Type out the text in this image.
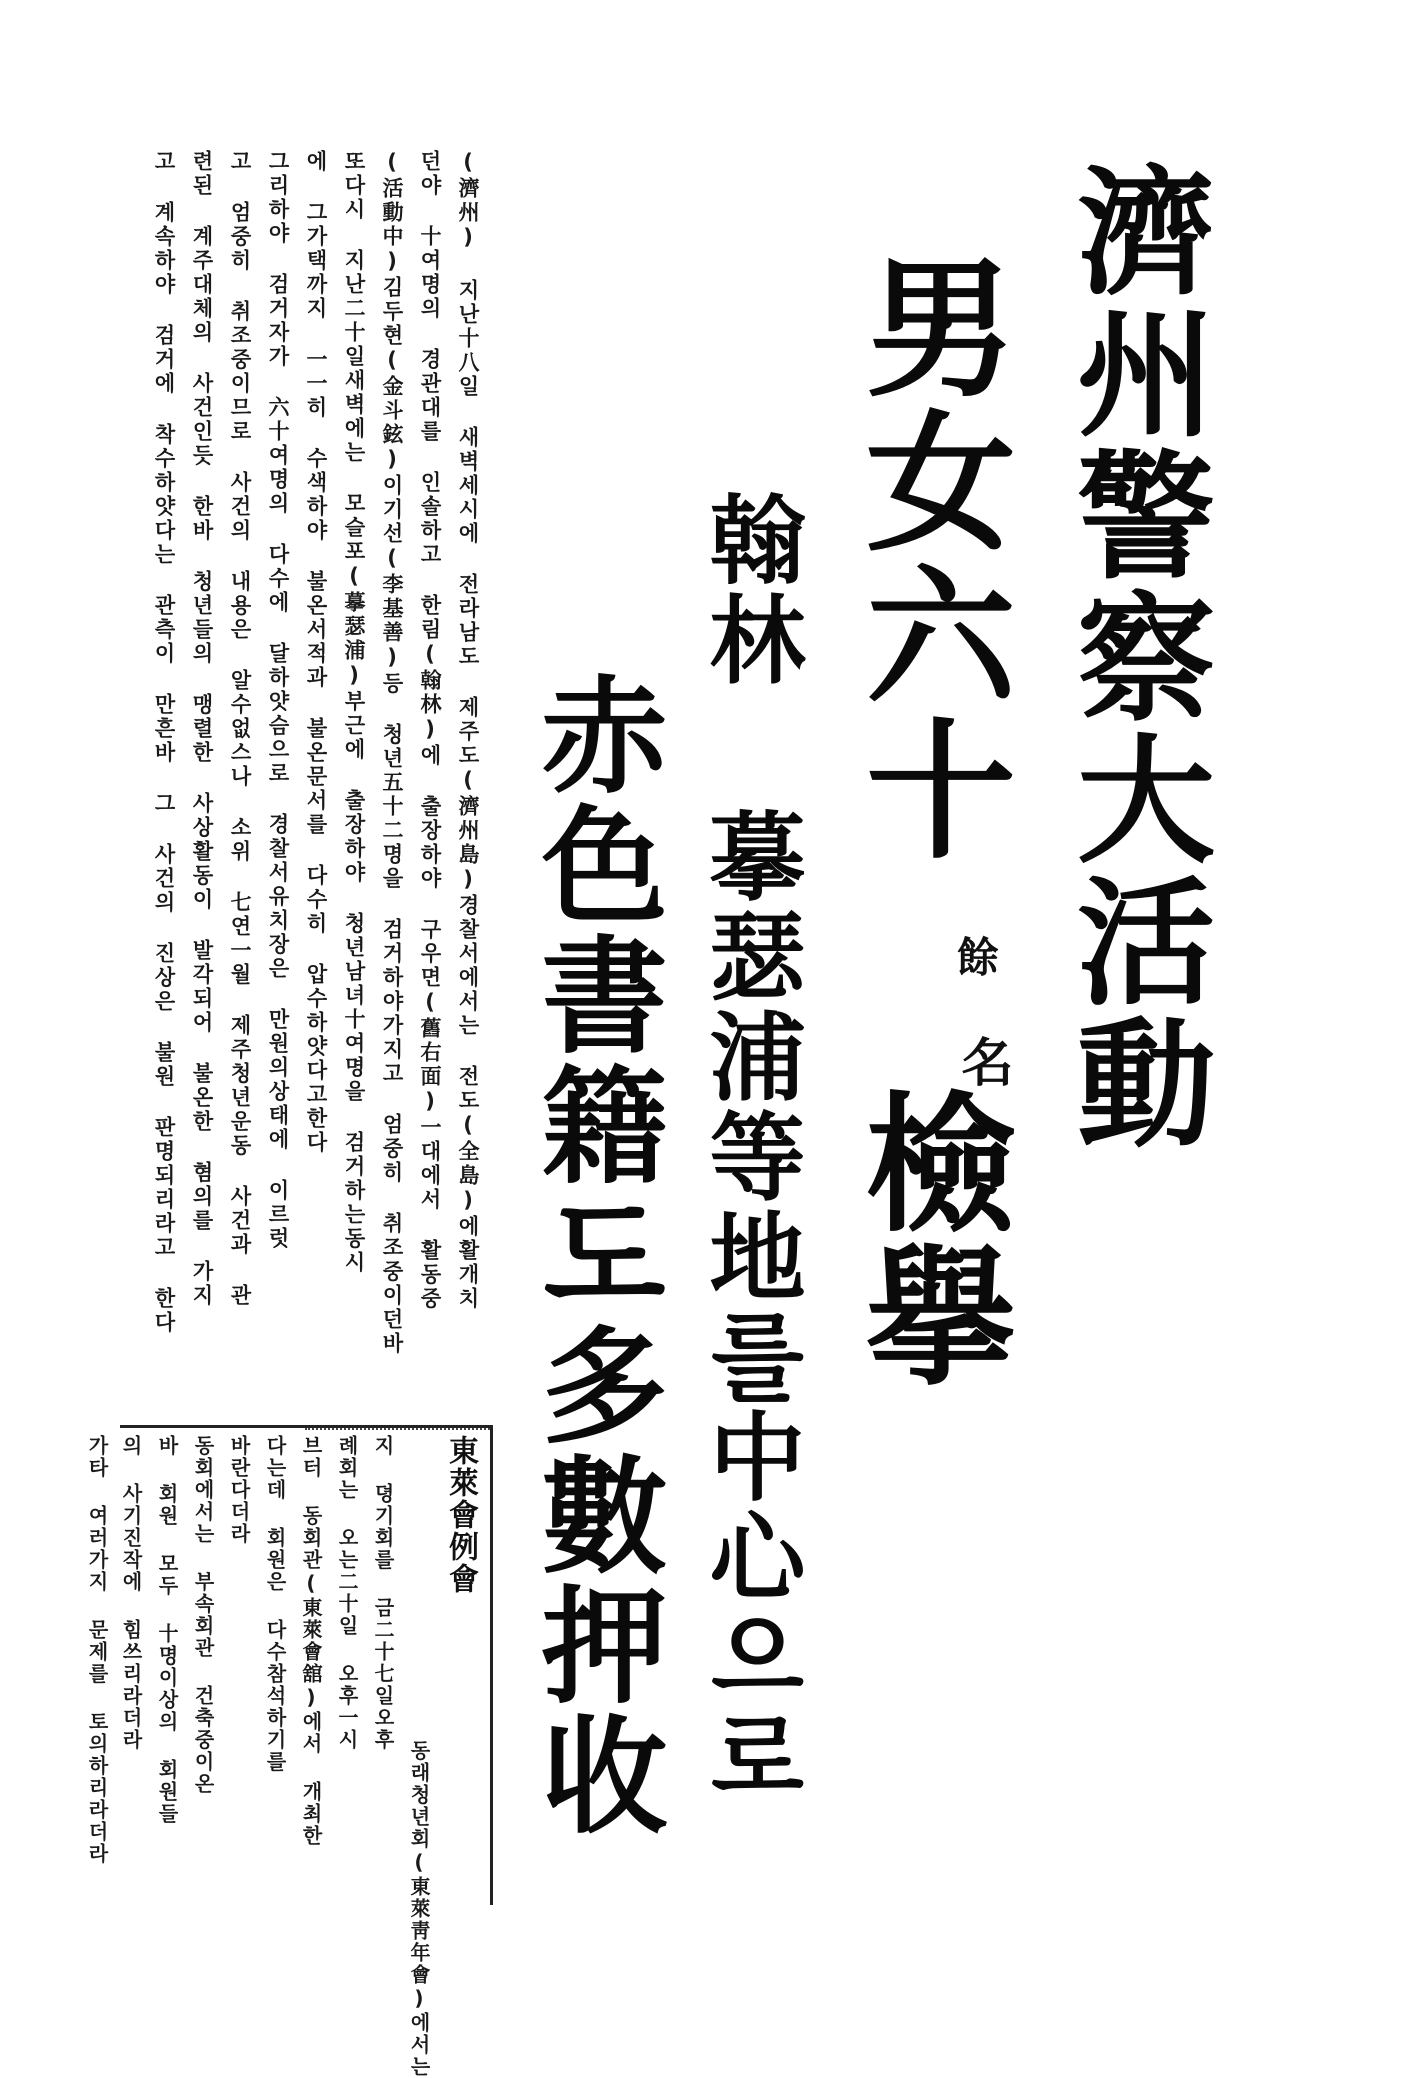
濟州警察大活動
男女六十
餘
名
檢擧
翰林 摹瑟浦等地를中心으로
赤色書籍도多數押收
(濟州) 지난十八일 새벽세시에 전라남도 제주도(濟州島)경찰서에서는 전도(全島)에활개치
던야 十여명의 경관대를 인솔하고 한림(翰林)에 출장하야 구우면(舊右面)一대에서 활동중
(活動中)김두현(金斗鉉)이기선(李基善)등 청년五十二명을 검거하야가지고 엄중히 취조중이던바
또다시 지난二十일새벽에는 모슬포(摹瑟浦)부근에 출장하야 청년남녀十여명을 검거하는동시
에 그가택까지 一一히 수색하야 불온서적과 불온문서를 다수히 압수하얏다고한다
그리하야 검거자가 六十여명의 다수에 달하얏슴으로 경찰서유치장은 만원의상태에 이르럿
고 엄중히 취조중이므로 사건의 내용은 알수없스나 소위 七연一월 제주청년운동 사건과 관
련된 계주대체의 사건인듯 한바 청년들의 맹렬한 사상활동이 발각되어 불온한 혐의를 가지
고 계속하야 검거에 착수하얏다는 관측이 만흔바 그 사건의 진상은 불원 판명되리라고 한다
東萊會例會
동래청년회(東萊靑年會)에서는
지 뎡기회를 금二十七일오후
례회는 오는二十일 오후一시
브터 동회관(東萊會舘)에서 개최한
다는데 회원은 다수참석하기를
바란다더라
동회에서는 부속회관 건축중이온
바 회원 모두 十명이상의 회원들
의 사기진작에 힘쓰리라더라
가타 여러가지 문제를 토의하리라더라
